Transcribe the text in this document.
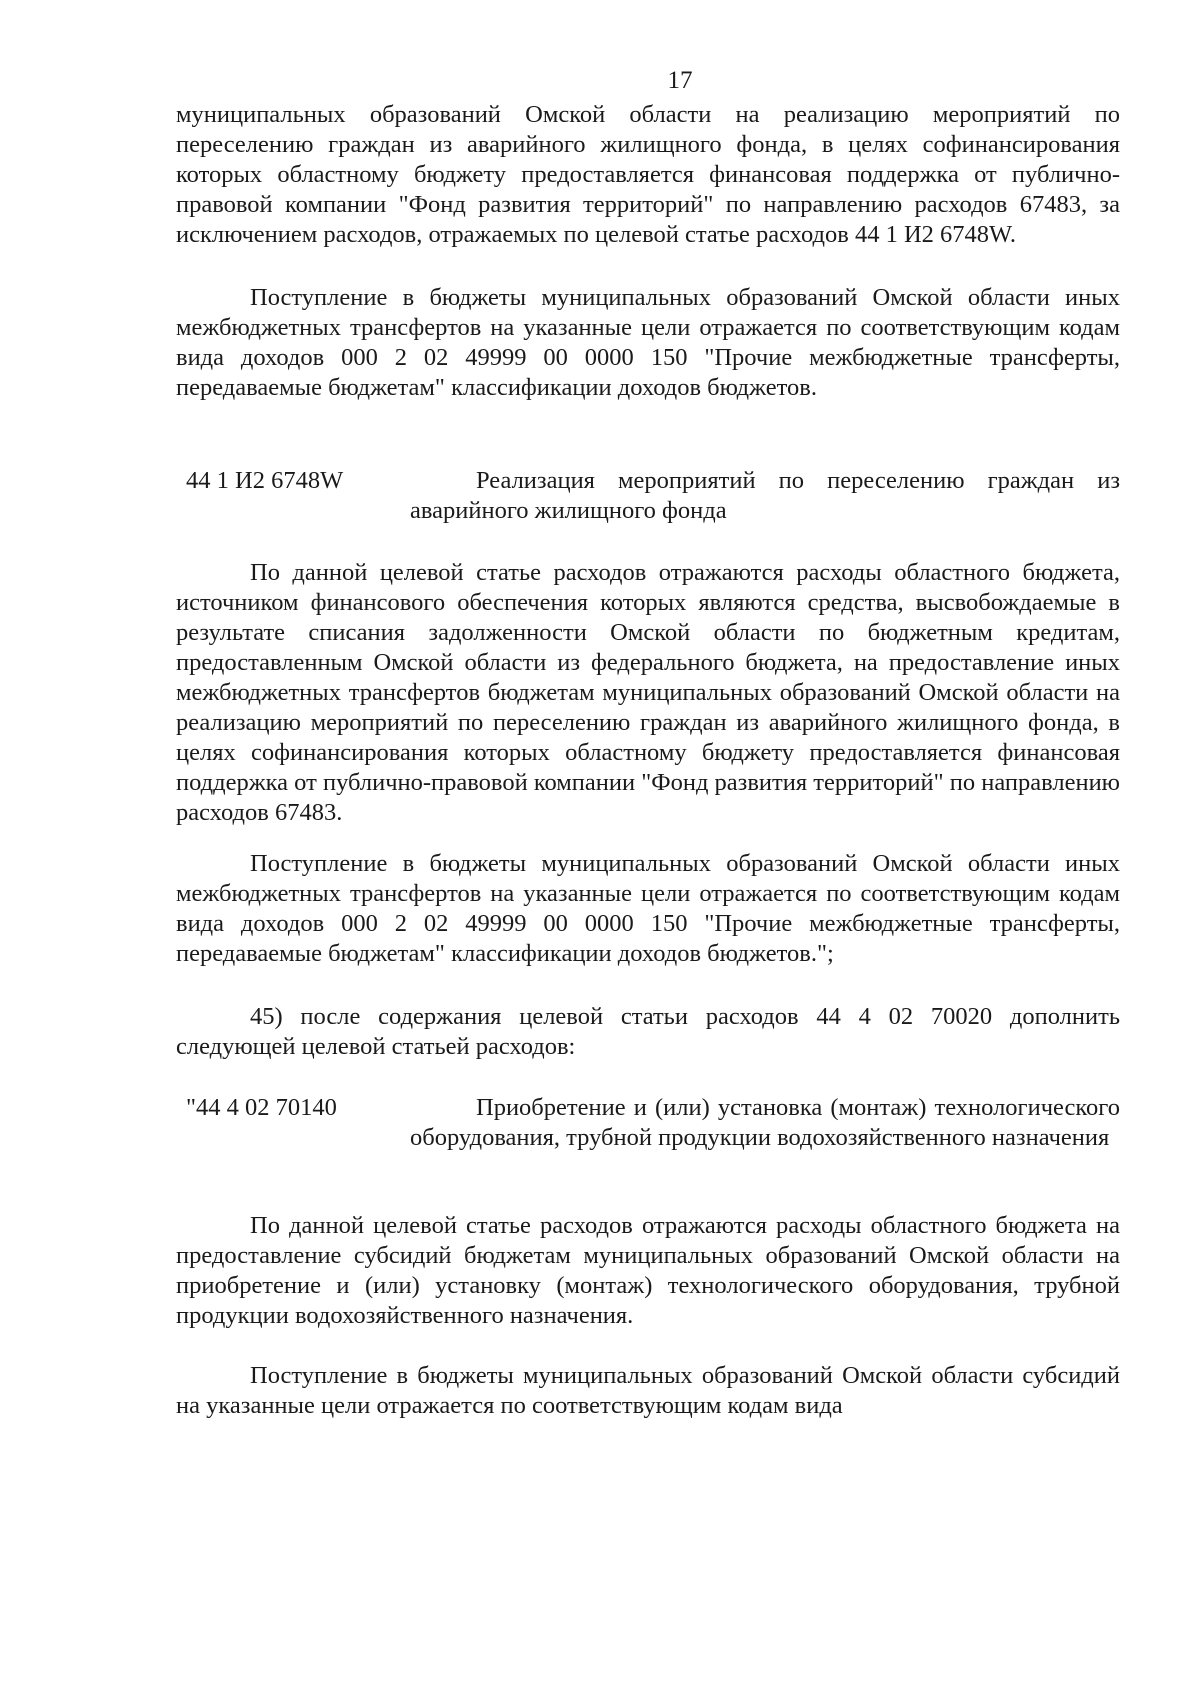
17
муниципальных образований Омской области на реализацию мероприятий по переселению граждан из аварийного жилищного фонда, в целях софинансирования которых областному бюджету предоставляется финансовая поддержка от публично-правовой компании "Фонд развития территорий" по направлению расходов 67483, за исключением расходов, отражаемых по целевой статье расходов 44 1 И2 6748W.
Поступление в бюджеты муниципальных образований Омской области иных межбюджетных трансфертов на указанные цели отражается по соответствующим кодам вида доходов 000 2 02 49999 00 0000 150 "Прочие межбюджетные трансферты, передаваемые бюджетам" классификации доходов бюджетов.
44 1 И2 6748W	Реализация мероприятий по переселению граждан из аварийного жилищного фонда
По данной целевой статье расходов отражаются расходы областного бюджета, источником финансового обеспечения которых являются средства, высвобождаемые в результате списания задолженности Омской области по бюджетным кредитам, предоставленным Омской области из федерального бюджета, на предоставление иных межбюджетных трансфертов бюджетам муниципальных образований Омской области на реализацию мероприятий по переселению граждан из аварийного жилищного фонда, в целях софинансирования которых областному бюджету предоставляется финансовая поддержка от публично-правовой компании "Фонд развития территорий" по направлению расходов 67483.
Поступление в бюджеты муниципальных образований Омской области иных межбюджетных трансфертов на указанные цели отражается по соответствующим кодам вида доходов 000 2 02 49999 00 0000 150 "Прочие межбюджетные трансферты, передаваемые бюджетам" классификации доходов бюджетов.";
45) после содержания целевой статьи расходов 44 4 02 70020 дополнить следующей целевой статьей расходов:
"44 4 02 70140	Приобретение и (или) установка (монтаж) технологического оборудования, трубной продукции водохозяйственного назначения
По данной целевой статье расходов отражаются расходы областного бюджета на предоставление субсидий бюджетам муниципальных образований Омской области на приобретение и (или) установку (монтаж) технологического оборудования, трубной продукции водохозяйственного назначения.
Поступление в бюджеты муниципальных образований Омской области субсидий на указанные цели отражается по соответствующим кодам вида
